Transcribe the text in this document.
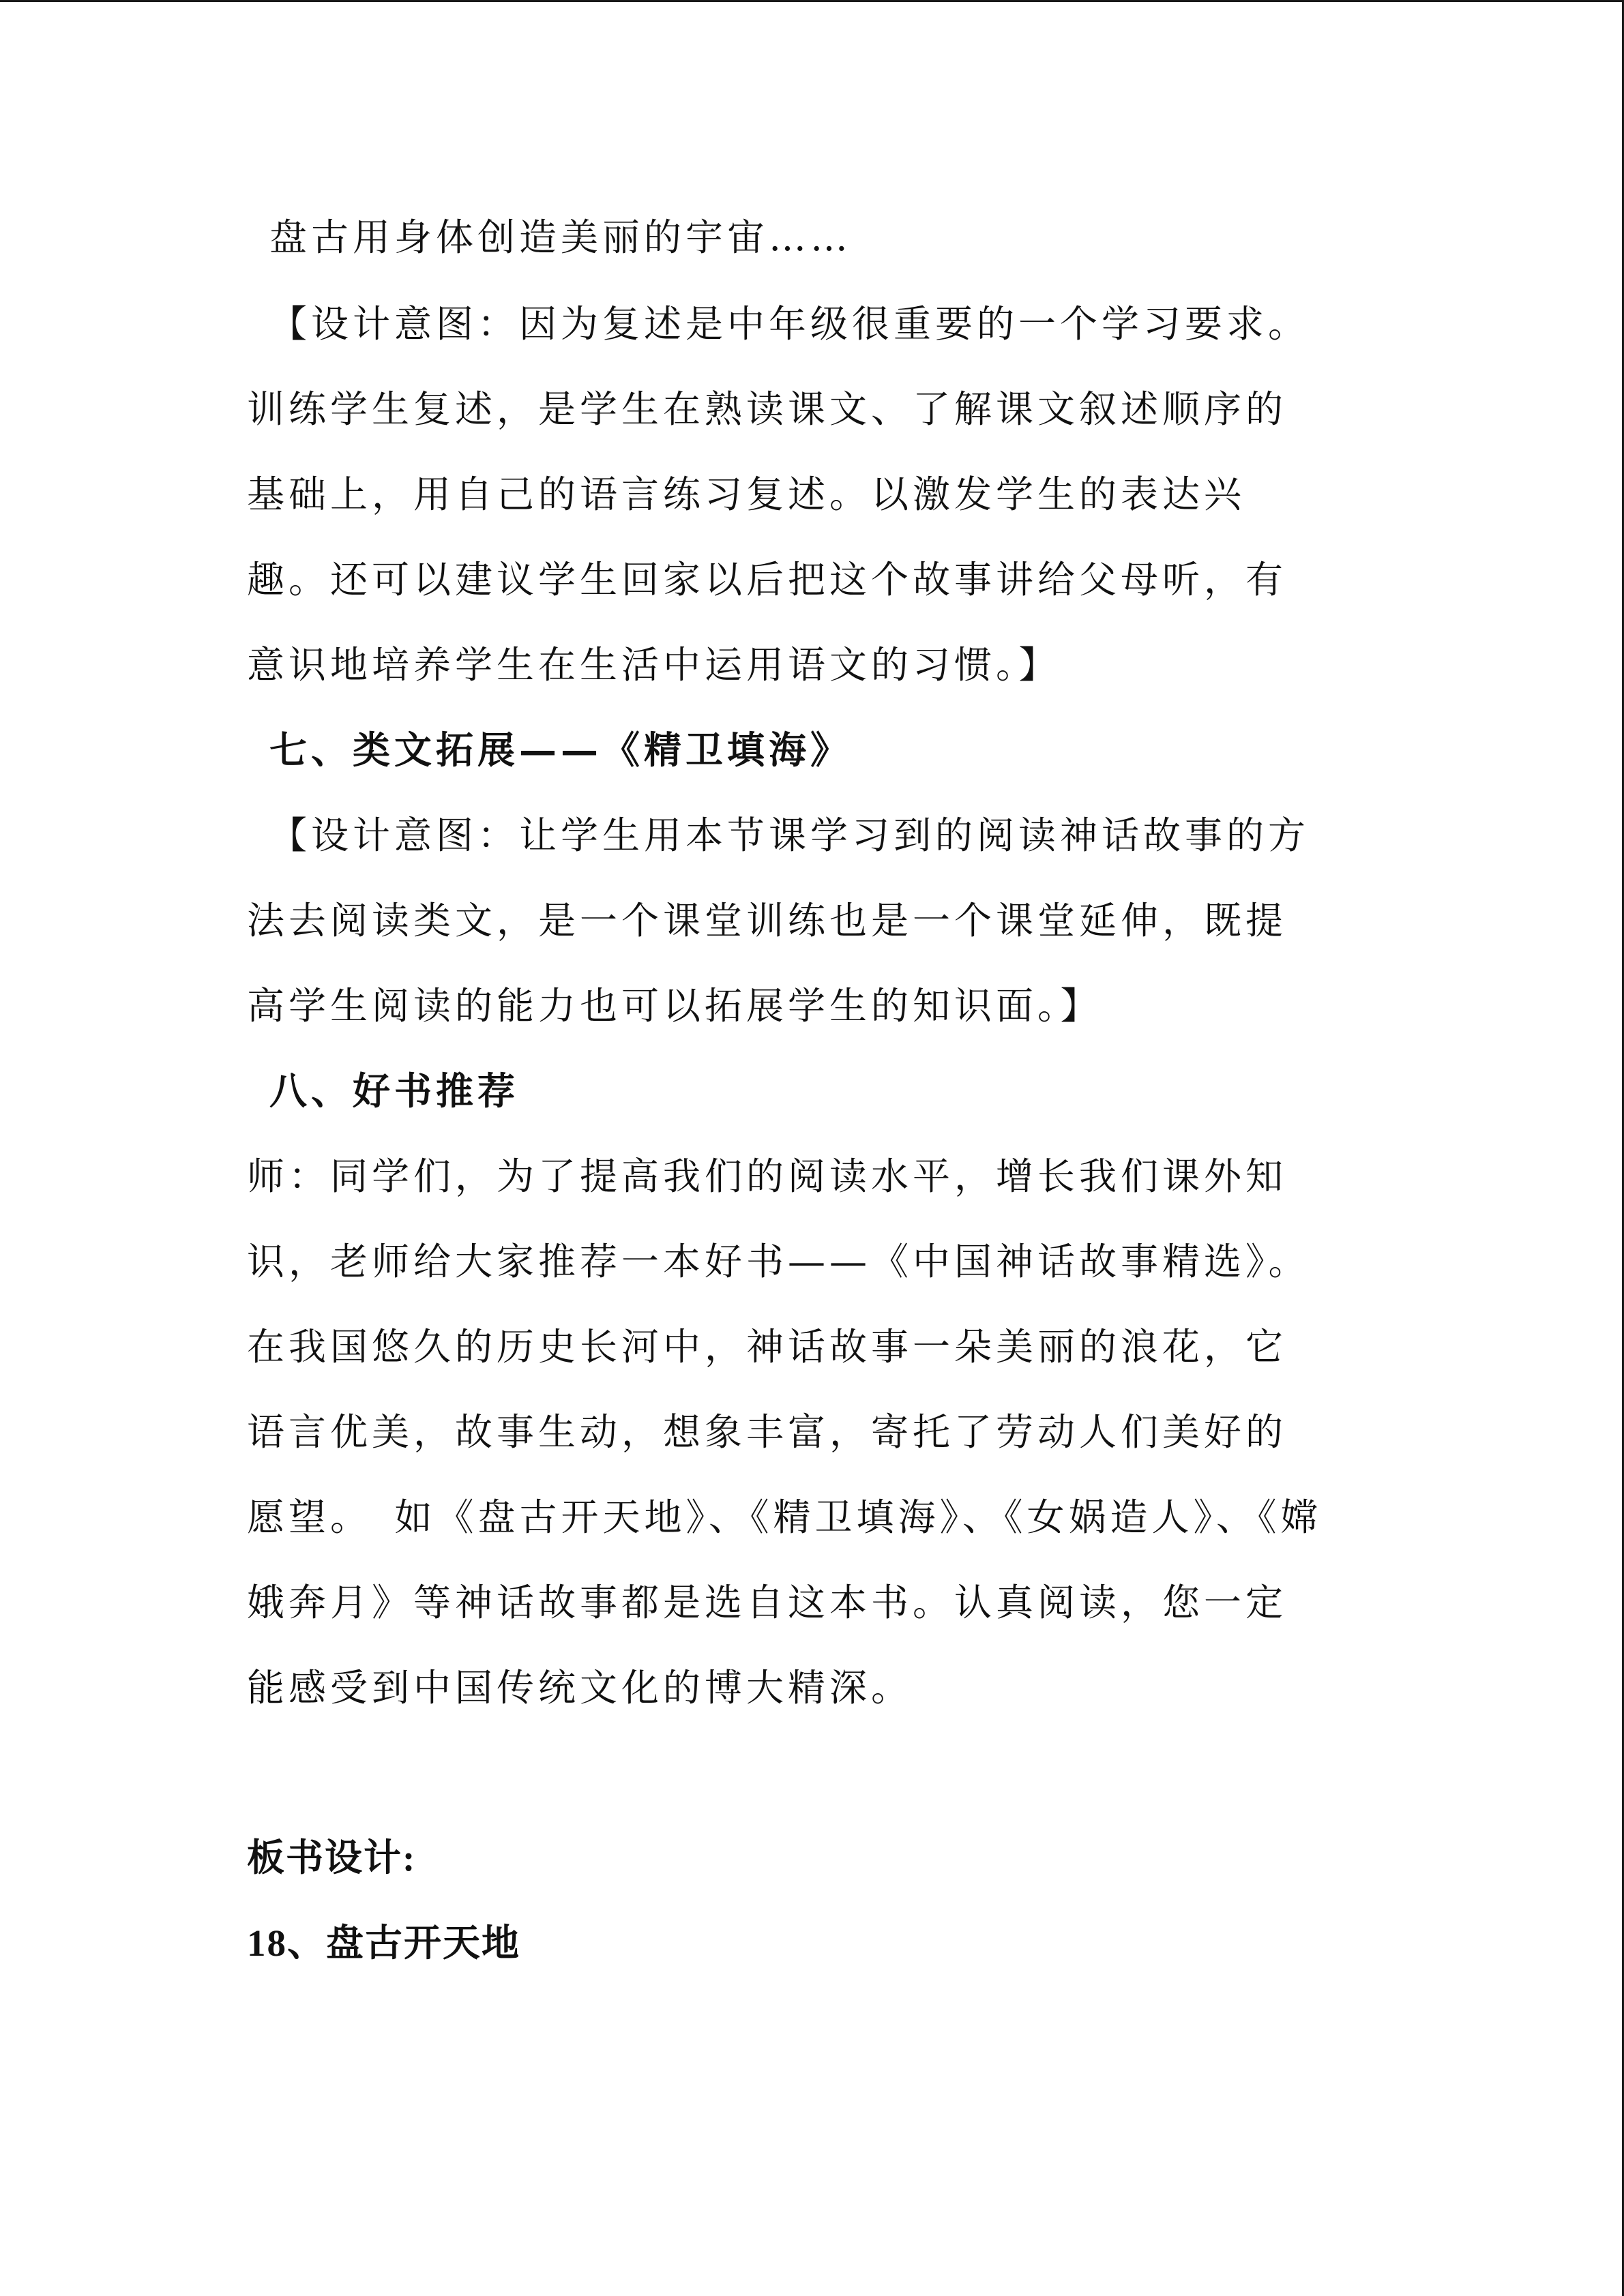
盘古用身体创造美丽的宇宙……
【设计意图：因为复述是中年级很重要的一个学习要求。
训练学生复述，是学生在熟读课文、了解课文叙述顺序的
基础上，用自己的语言练习复述。以激发学生的表达兴
趣。还可以建议学生回家以后把这个故事讲给父母听，有
意识地培养学生在生活中运用语文的习惯。】
七、类文拓展——《精卫填海》
【设计意图：让学生用本节课学习到的阅读神话故事的方
法去阅读类文，是一个课堂训练也是一个课堂延伸，既提
高学生阅读的能力也可以拓展学生的知识面。】
八、好书推荐
师：同学们，为了提高我们的阅读水平，增长我们课外知
识，老师给大家推荐一本好书——《中国神话故事精选》。
在我国悠久的历史长河中，神话故事一朵美丽的浪花，它
语言优美，故事生动，想象丰富，寄托了劳动人们美好的
愿望。　如《盘古开天地》、《精卫填海》、《女娲造人》、《嫦
娥奔月》等神话故事都是选自这本书。认真阅读，您一定
能感受到中国传统文化的博大精深。
板书设计:
18、盘古开天地
